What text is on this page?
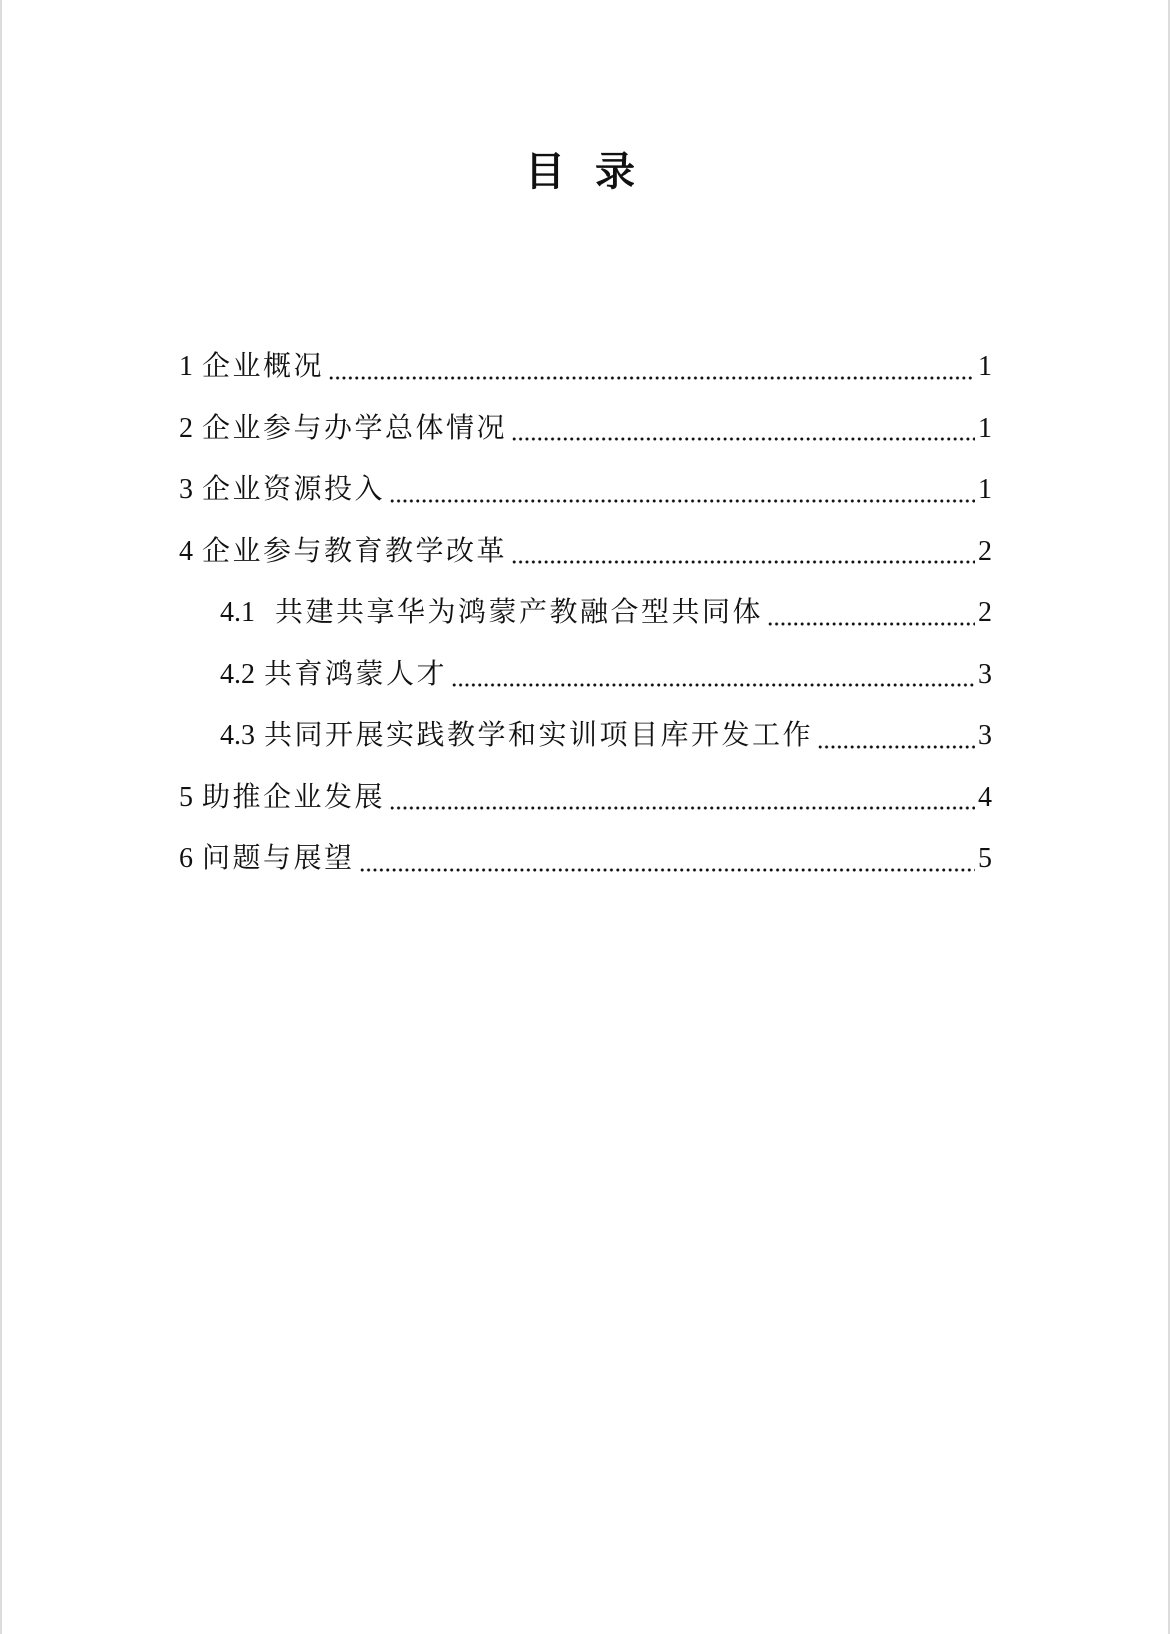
目 录
1 企业概况	1
2 企业参与办学总体情况	1
3 企业资源投入	1
4 企业参与教育教学改革	2
4.1 共建共享华为鸿蒙产教融合型共同体	2
4.2 共育鸿蒙人才	3
4.3 共同开展实践教学和实训项目库开发工作	3
5 助推企业发展	4
6 问题与展望	5
